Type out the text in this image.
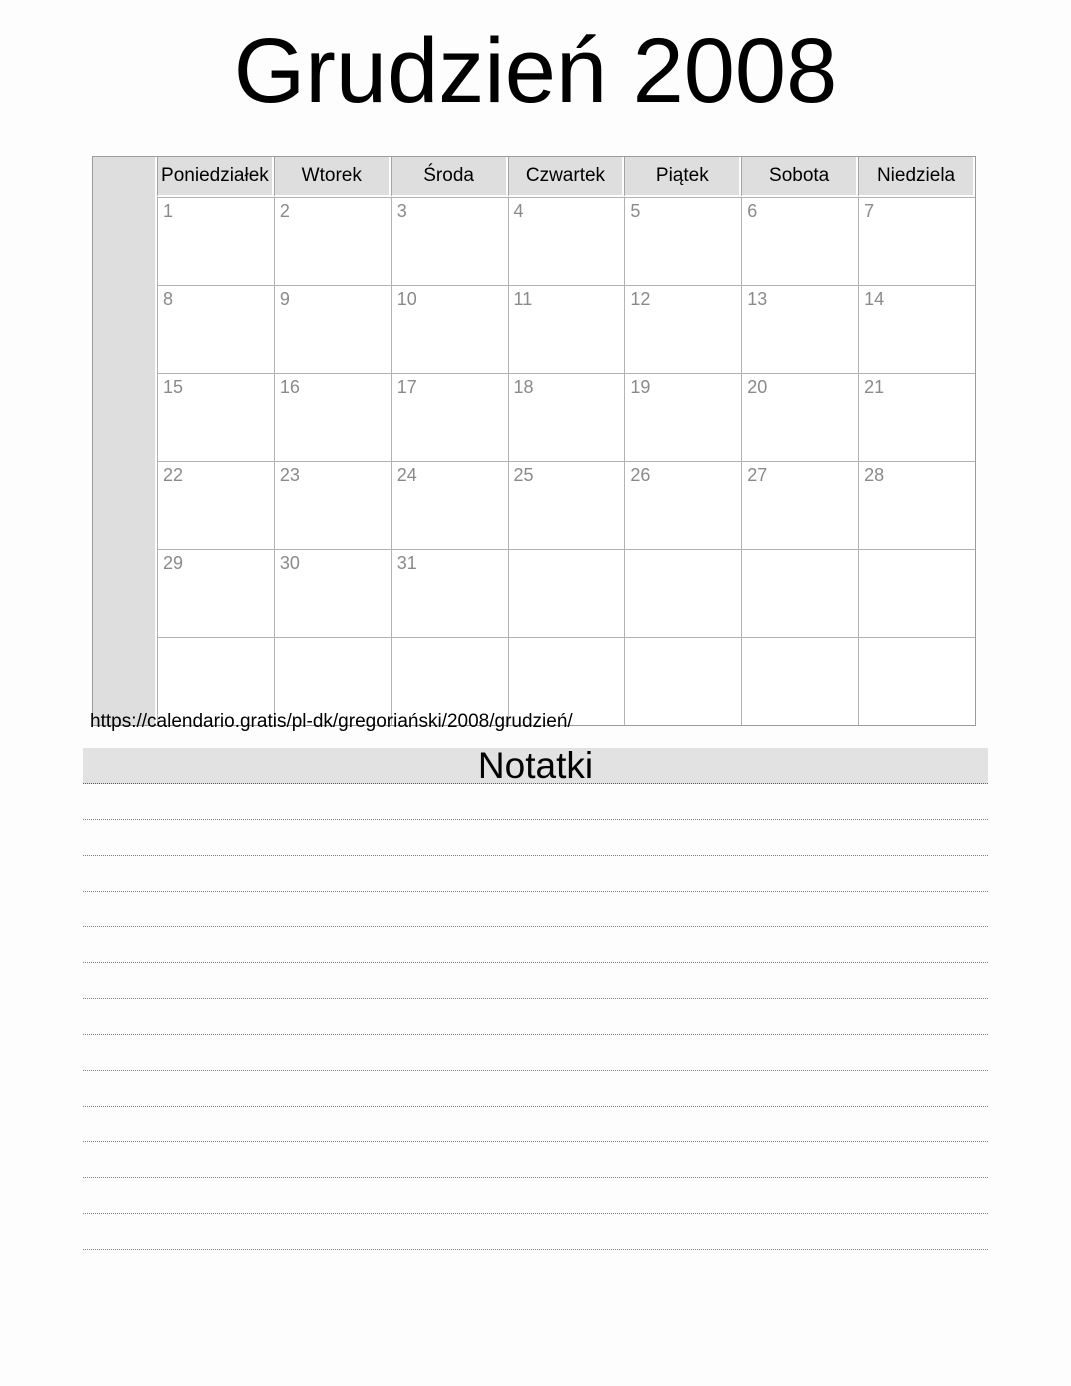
Grudzień 2008
	Poniedziałek	Wtorek	Środa	Czwartek	Piątek	Sobota	Niedziela
	1	2	3	4	5	6	7
	8	9	10	11	12	13	14
	15	16	17	18	19	20	21
	22	23	24	25	26	27	28
	29	30	31				

https://calendario.gratis/pl-dk/gregoriański/2008/grudzień/
Notatki
